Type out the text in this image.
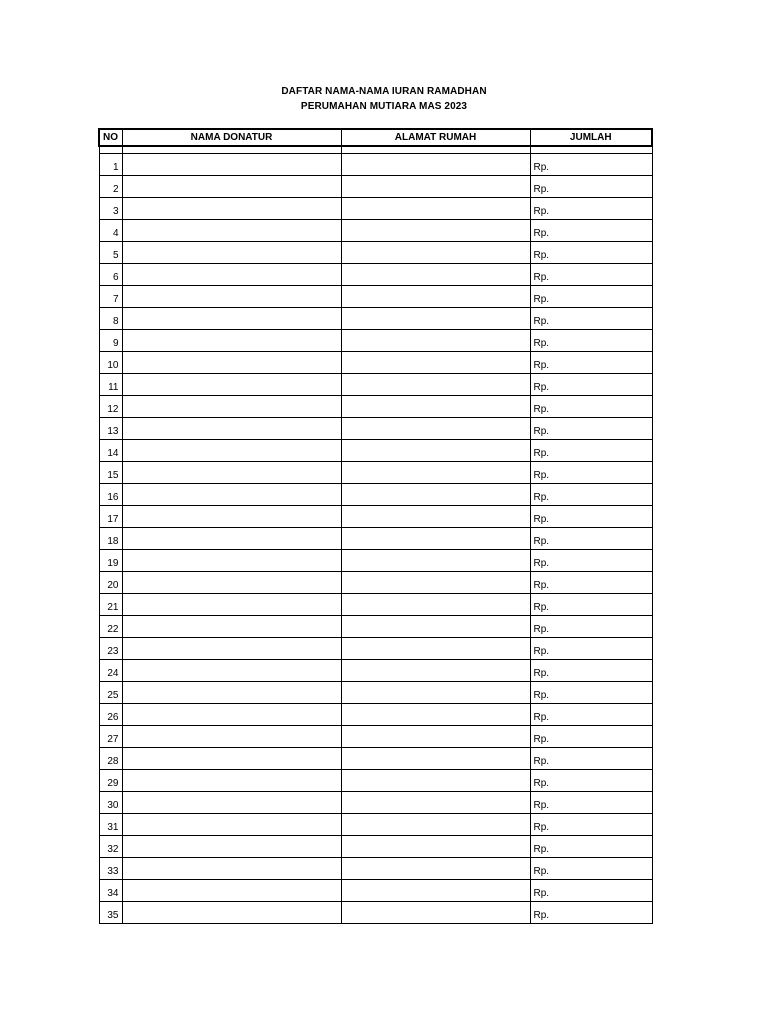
DAFTAR NAMA-NAMA IURAN RAMADHAN
PERUMAHAN MUTIARA MAS 2023
NO	NAMA DONATUR	ALAMAT RUMAH	JUMLAH

1			Rp.
2			Rp.
3			Rp.
4			Rp.
5			Rp.
6			Rp.
7			Rp.
8			Rp.
9			Rp.
10			Rp.
11			Rp.
12			Rp.
13			Rp.
14			Rp.
15			Rp.
16			Rp.
17			Rp.
18			Rp.
19			Rp.
20			Rp.
21			Rp.
22			Rp.
23			Rp.
24			Rp.
25			Rp.
26			Rp.
27			Rp.
28			Rp.
29			Rp.
30			Rp.
31			Rp.
32			Rp.
33			Rp.
34			Rp.
35			Rp.
